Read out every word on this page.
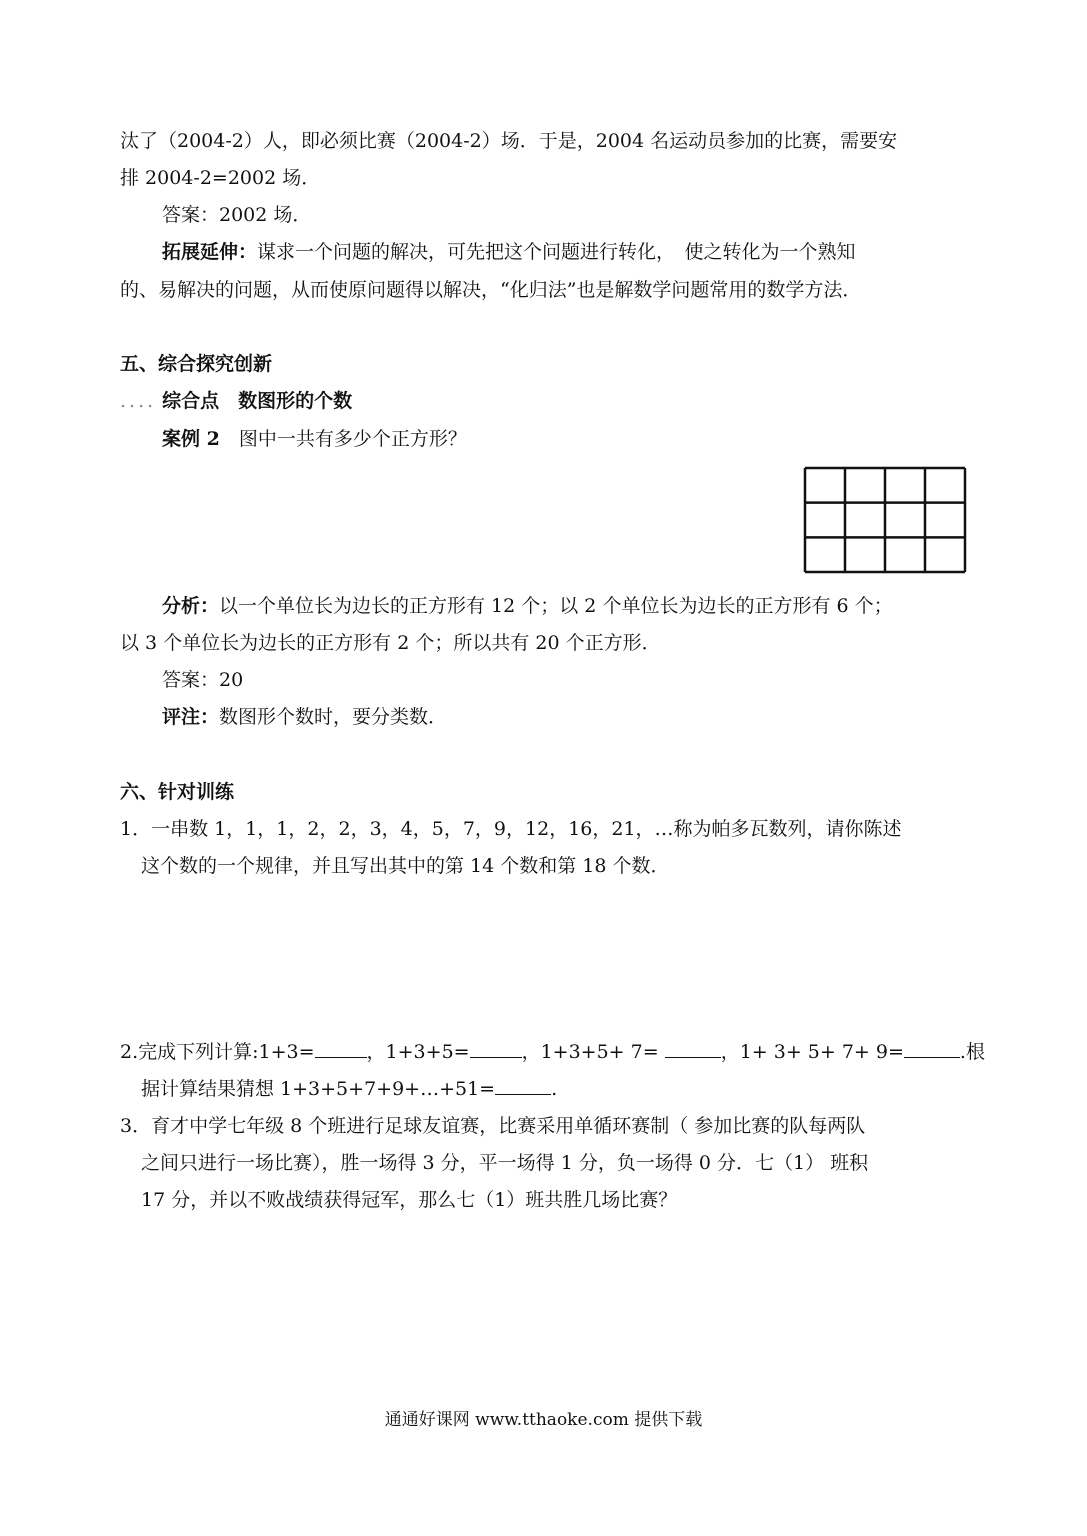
汰了（2004-2）人，即必须比赛（2004-2）场．于是，2004 名运动员参加的比赛，需要安
排 2004-2=2002 场．
答案：2002 场．
拓展延伸：谋求一个问题的解决，可先把这个问题进行转化，　使之转化为一个熟知
的、易解决的问题，从而使原问题得以解决，“化归法”也是解数学问题常用的数学方法．
五、综合探究创新
.... 综合点　数图形的个数
案例 2　图中一共有多少个正方形？
分析：以一个单位长为边长的正方形有 12 个；以 2 个单位长为边长的正方形有 6 个；
以 3 个单位长为边长的正方形有 2 个；所以共有 20 个正方形．
答案：20
评注：数图形个数时，要分类数．
六、针对训练
1．一串数 1，1，1，2，2，3，4，5，7，9，12，16，21，…称为帕多瓦数列，请你陈述
这个数的一个规律，并且写出其中的第 14 个数和第 18 个数．
2.完成下列计算:1+3=	，1+3+5=	，1+3+5+ 7=	，1+ 3+ 5+ 7+ 9=	.根
据计算结果猜想 1+3+5+7+9+…+51=	.
3．育才中学七年级 8 个班进行足球友谊赛，比赛采用单循环赛制（ 参加比赛的队每两队
之间只进行一场比赛），胜一场得 3 分，平一场得 1 分，负一场得 0 分．七（1） 班积
17 分，并以不败战绩获得冠军，那么七（1）班共胜几场比赛？
通通好课网 www.tthaoke.com 提供下载
